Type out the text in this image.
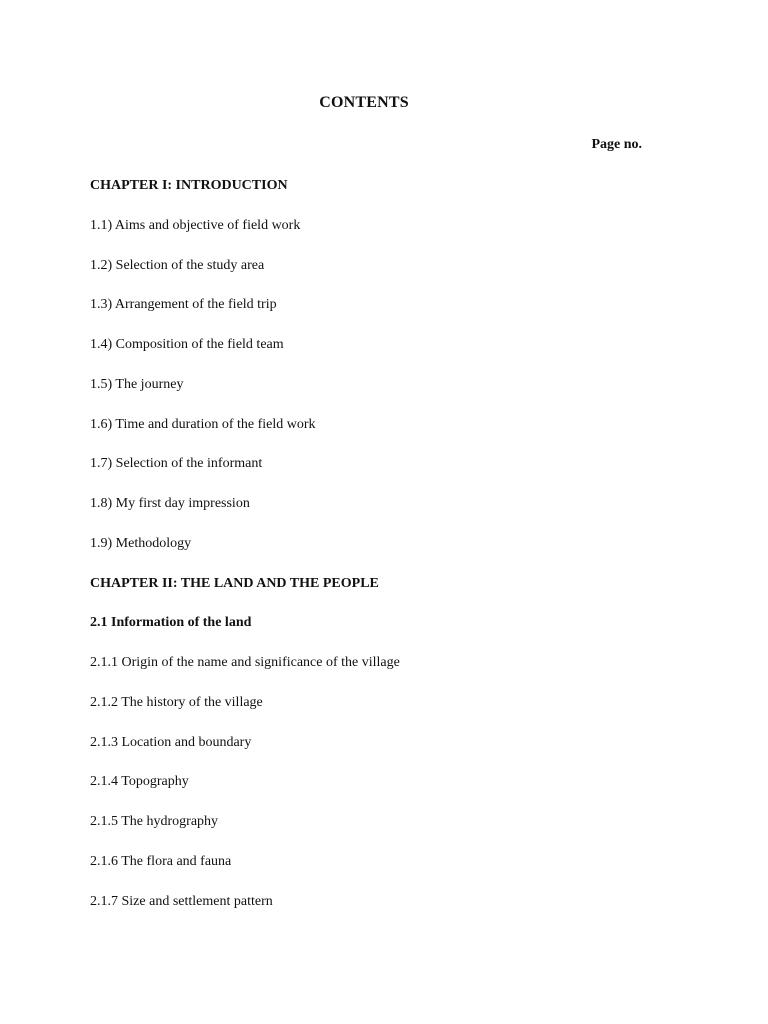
CONTENTS
Page no.
CHAPTER I: INTRODUCTION
1.1) Aims and objective of field work
1.2) Selection of the study area
1.3) Arrangement of the field trip
1.4) Composition of the field team
1.5) The journey
1.6) Time and duration of the field work
1.7) Selection of the informant
1.8) My first day impression
1.9) Methodology
CHAPTER II: THE LAND AND THE PEOPLE
2.1 Information of the land
2.1.1 Origin of the name and significance of the village
2.1.2 The history of the village
2.1.3 Location and boundary
2.1.4 Topography
2.1.5 The hydrography
2.1.6 The flora and fauna
2.1.7 Size and settlement pattern
